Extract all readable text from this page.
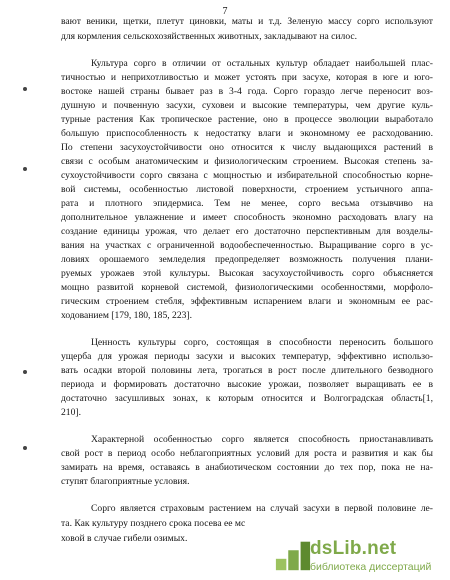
7
вают веники, щетки, плетут циновки, маты и т.д. Зеленую массу сорго используют
для кормления сельскохозяйственных животных, закладывают на силос.
Культура сорго в отличии от остальных культур обладает наибольшей плас-
тичностью и неприхотливостью и может устоять при засухе, которая в юге и юго-
востоке нашей страны бывает раз в 3-4 года. Сорго гораздо легче переносит воз-
душную и почвенную засухи, суховеи и высокие температуры, чем другие куль-
турные растения Как тропическое растение, оно в процессе эволюции выработало
большую приспособленность к недостатку влаги и экономному ее расходованию.
По степени засухоустойчивости оно относится к числу выдающихся растений в
связи с особым анатомическим и физиологическим строением. Высокая степень за-
сухоустойчивости сорго связана с мощностью и избирательной способностью корне-
вой системы, особенностью листовой поверхности, строением устьичного аппа-
рата и плотного эпидермиса. Тем не менее, сорго весьма отзывчиво на
дополнительное увлажнение и имеет способность экономно расходовать влагу на
создание единицы урожая, что делает его достаточно перспективным для возделы-
вания на участках с ограниченной водообеспеченностью. Выращивание сорго в ус-
ловиях орошаемого земледелия предопределяет возможность получения плани-
руемых урожаев этой культуры. Высокая засухоустойчивость сорго объясняется
мощно развитой корневой системой, физиологическими особенностями, морфоло-
гическим строением стебля, эффективным испарением влаги и экономным ее рас-
ходованием [179, 180, 185, 223].
Ценность культуры сорго, состоящая в способности переносить большого
ущерба для урожая периоды засухи и высоких температур, эффективно использо-
вать осадки второй половины лета, трогаться в рост после длительного безводного
периода и формировать достаточно высокие урожаи, позволяет выращивать ее в
достаточно засушливых зонах, к которым относится и Волгоградская область[1,
210].
Характерной особенностью сорго является способность приостанавливать
свой рост в период особо неблагоприятных условий для роста и развития и как бы
замирать на время, оставаясь в анабиотическом состоянии до тех пор, пока не на-
ступят благоприятные условия.
Сорго является страховым растением на случай засухи в первой половине ле-
та. Как культуру позднего срока посева ее мс
ховой в случае гибели озимых.	dsLib.net
библиотека диссертаций
